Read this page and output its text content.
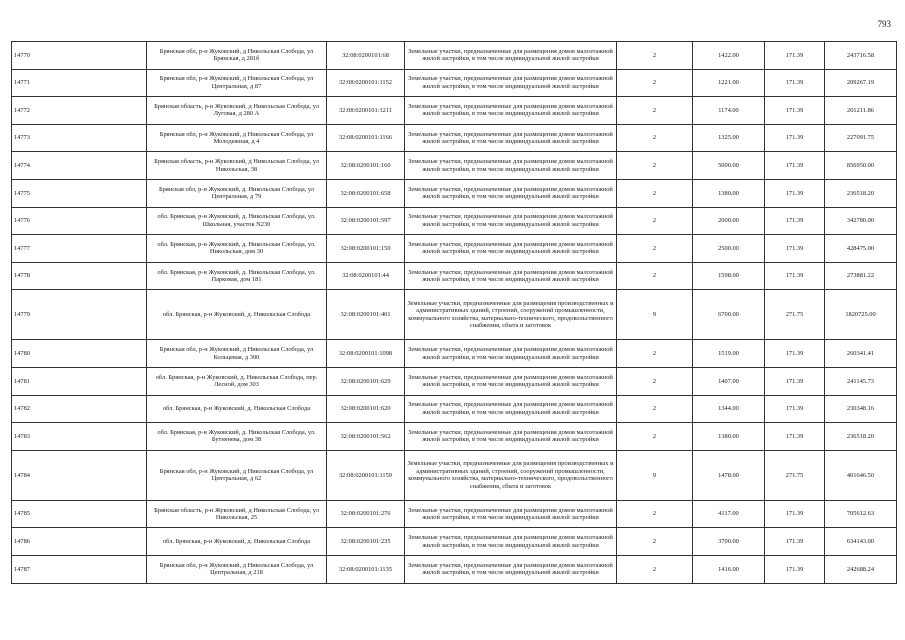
793
14770	Брянская обл, р-н Жуковский, д Никольская Слобода, ул Брянская, д 281б	32:08:0200101:68	Земельные участки, предназначенные для размещения домов малоэтажной жилой застройки, в том числе индивидуальной жилой застройки	2	1422.00	171.39	243716.58
14771	Брянская обл, р-н Жуковский, д Никольская Слобода, ул Центральная, д 87	32:08:0200101:1152	Земельные участки, предназначенные для размещения домов малоэтажной жилой застройки, в том числе индивидуальной жилой застройки	2	1221.00	171.39	209267.19
14772	Брянская область, р-н Жуковский, д Никольская Слобода, ул Луговая, д 280 А	32:08:0200101:1211	Земельные участки, предназначенные для размещения домов малоэтажной жилой застройки, в том числе индивидуальной жилой застройки	2	1174.00	171.39	201211.86
14773	Брянская обл, р-н Жуковский, д Никольская Слобода, ул Молодежная, д 4	32:08:0200101:1166	Земельные участки, предназначенные для размещения домов малоэтажной жилой застройки, в том числе индивидуальной жилой застройки	2	1325.00	171.39	227091.75
14774	Брянская область, р-н Жуковский, д Никольская Слобода, ул Никольская, 38	32:08:0200101:160	Земельные участки, предназначенные для размещения домов малоэтажной жилой застройки, в том числе индивидуальной жилой застройки	2	5000.00	171.39	856950.00
14775	Брянская обл, р-н Жуковский, д. Никольская Слобода, ул Центральная, д 79	32:08:0200101:658	Земельные участки, предназначенные для размещения домов малоэтажной жилой застройки, в том числе индивидуальной жилой застройки	2	1380.00	171.39	236518.20
14776	обл. Брянская, р-н Жуковский, д. Никольская Слобода, ул. Школьная, участок N230	32:08:0200101:597	Земельные участки, предназначенные для размещения домов малоэтажной жилой застройки, в том числе индивидуальной жилой застройки	2	2000.00	171.39	342780.00
14777	обл. Брянская, р-н Жуковский, д. Никольская Слобода, ул. Никольская, дом 30	32:08:0200101:150	Земельные участки, предназначенные для размещения домов малоэтажной жилой застройки, в том числе индивидуальной жилой застройки	2	2500.00	171.39	428475.00
14778	обл. Брянская, р-н Жуковский, д. Никольская Слобода, ул. Парковая, дом 181	32:08:0200101:44	Земельные участки, предназначенные для размещения домов малоэтажной жилой застройки, в том числе индивидуальной жилой застройки	2	1598.00	171.39	273881.22
14779	обл. Брянская, р-н Жуковский, д. Никольская Слобода	32:08:0200101:401	Земельные участки, предназначенные для размещения производственных и административных зданий, строений, сооружений промышленности, коммунального хозяйства, материально-технического, продовольственного снабжения, сбыта и заготовок	9	6700.00	271.75	1820725.00
14780	Брянская обл, р-н Жуковский, д Никольская Слобода, ул Кольцевая, д 300	32:08:0200101:1098	Земельные участки, предназначенные для размещения домов малоэтажной жилой застройки, в том числе индивидуальной жилой застройки	2	1519.00	171.39	260341.41
14781	обл. Брянская, р-н Жуковский, д. Никольская Слобода, пер. Лесной, дом 303	32:08:0200101:629	Земельные участки, предназначенные для размещения домов малоэтажной жилой застройки, в том числе индивидуальной жилой застройки	2	1407.00	171.39	241145.73
14782	обл. Брянская, р-н Жуковский, д. Никольская Слобода	32:08:0200101:620	Земельные участки, предназначенные для размещения домов малоэтажной жилой застройки, в том числе индивидуальной жилой застройки	2	1344.00	171.39	230348.16
14783	обл. Брянская, р-н Жуковский, д. Никольская Слобода, ул. Бутненева, дом 38	32:08:0200101:562	Земельные участки, предназначенные для размещения домов малоэтажной жилой застройки, в том числе индивидуальной жилой застройки	2	1380.00	171.39	236518.20
14784	Брянская обл, р-н Жуковский, д Никольская Слобода, ул Центральная, д 62	32:08:0200101:1159	Земельные участки, предназначенные для размещения производственных и административных зданий, строений, сооружений промышленности, коммунального хозяйства, материально-технического, продовольственного снабжения, сбыта и заготовок	9	1478.00	271.75	401646.50
14785	Брянская область, р-н Жуковский, д Никольская Слобода, ул Никольская, 25	32:08:0200101:276	Земельные участки, предназначенные для размещения домов малоэтажной жилой застройки, в том числе индивидуальной жилой застройки	2	4117.00	171.39	705612.63
14786	обл. Брянская, р-н Жуковский, д. Никольская Слобода	32:08:0200101:235	Земельные участки, предназначенные для размещения домов малоэтажной жилой застройки, в том числе индивидуальной жилой застройки	2	3700.00	171.39	634143.00
14787	Брянская обл, р-н Жуковский, д Никольская Слобода, ул Центральная, д 218	32:08:0200101:1135	Земельные участки, предназначенные для размещения домов малоэтажной жилой застройки, в том числе индивидуальной жилой застройки	2	1416.00	171.39	242688.24
